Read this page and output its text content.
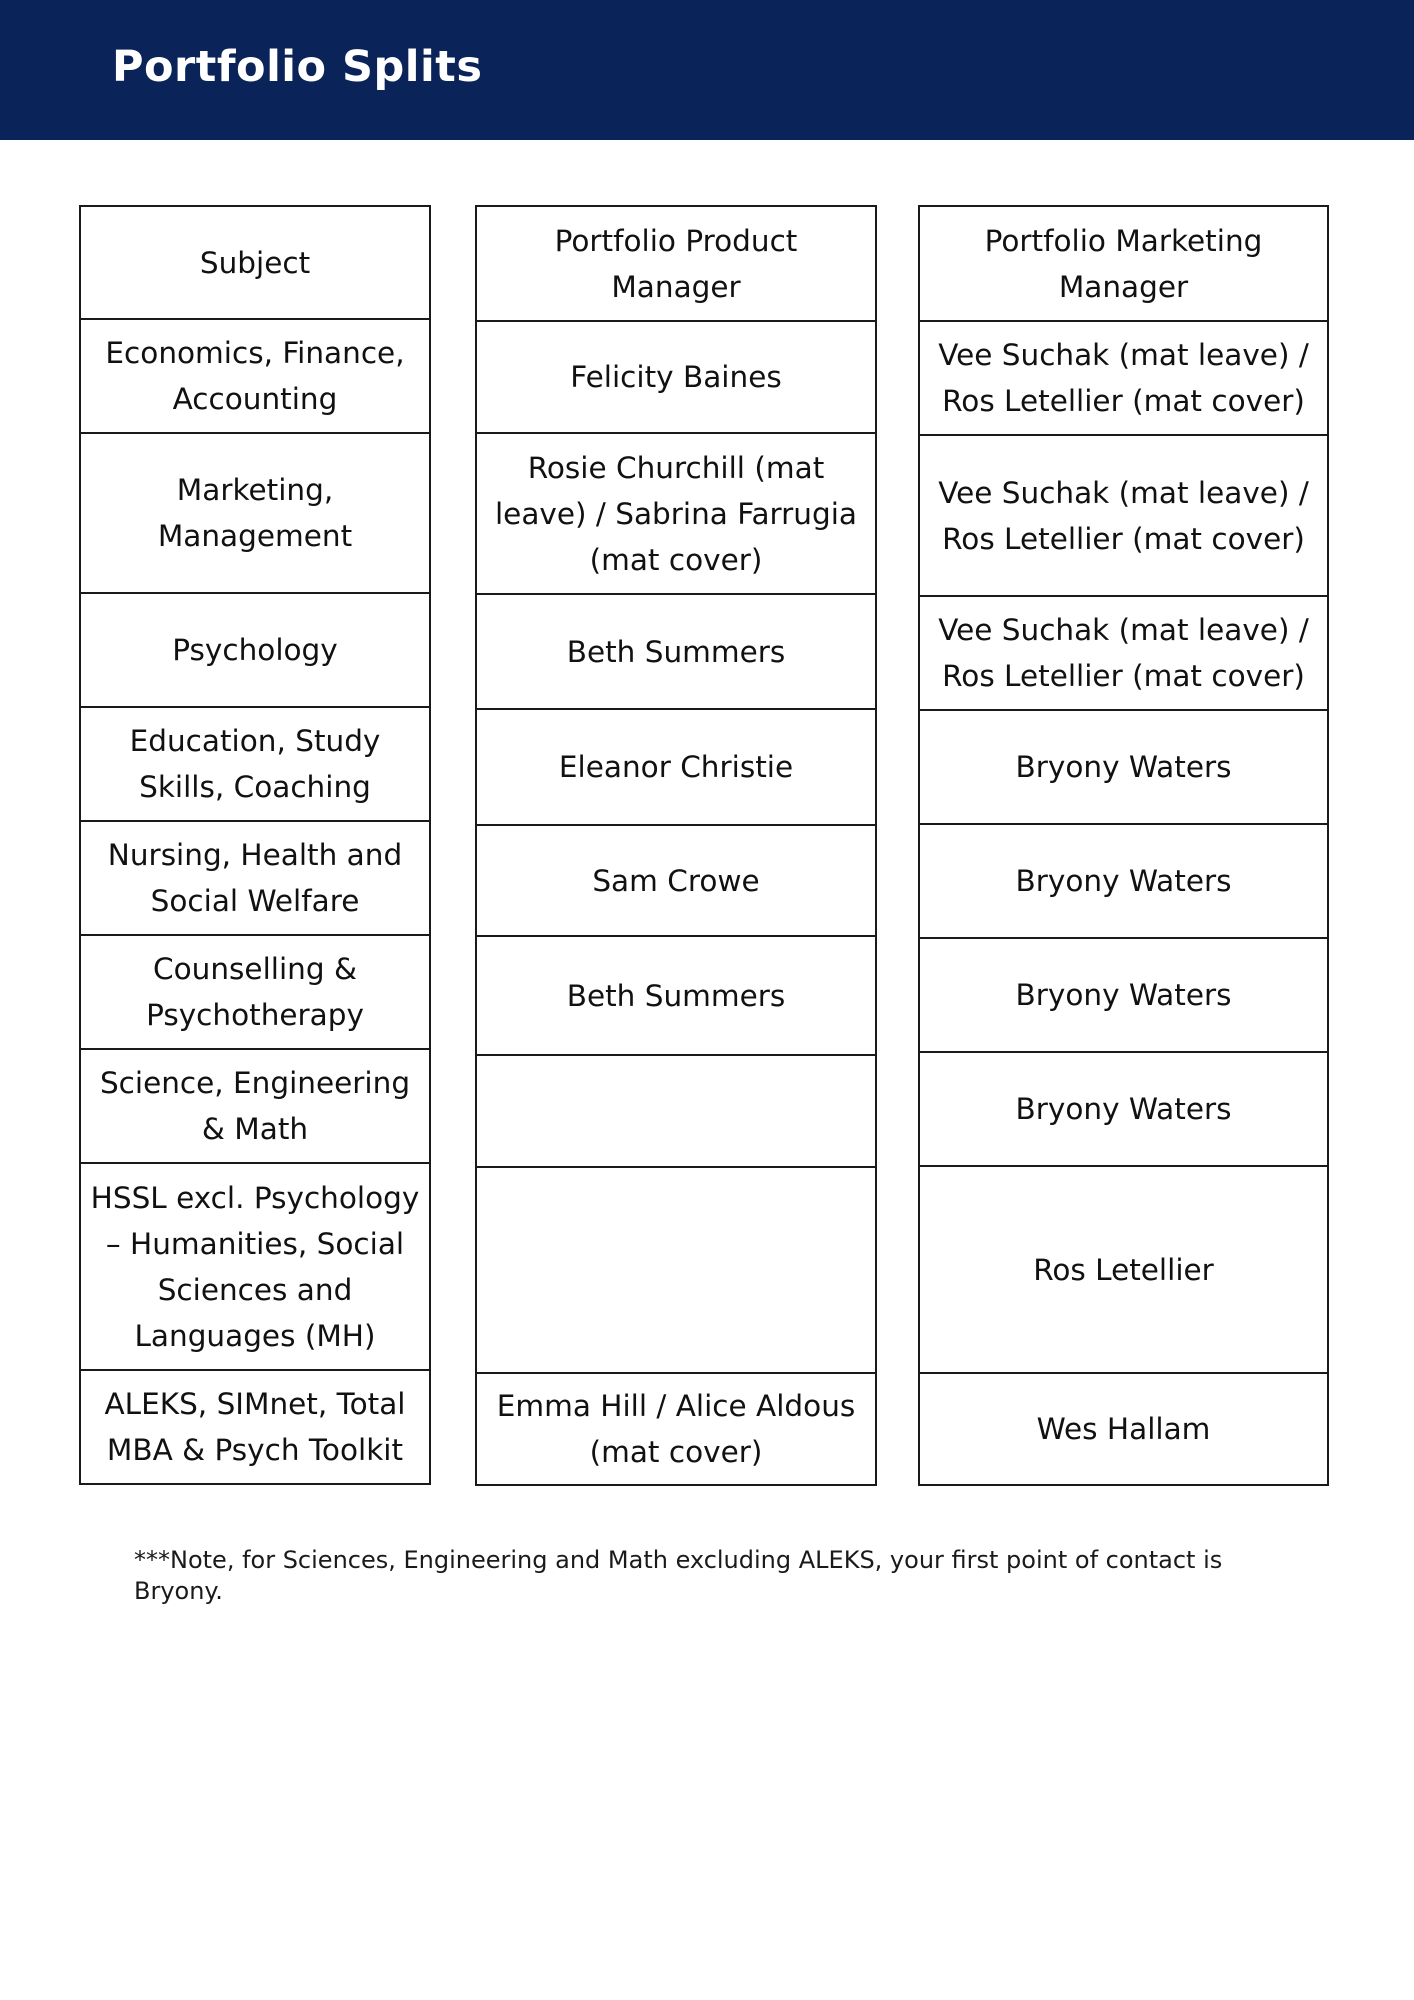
Portfolio Splits
Subject
Economics, Finance,
Accounting
Marketing,
Management
Psychology
Education, Study
Skills, Coaching
Nursing, Health and
Social Welfare
Counselling &
Psychotherapy
Science, Engineering
& Math
HSSL excl. Psychology
– Humanities, Social
Sciences and
Languages (MH)
ALEKS, SIMnet, Total
MBA & Psych Toolkit
Portfolio Product
Manager
Felicity Baines
Rosie Churchill (mat
leave) / Sabrina Farrugia
(mat cover)
Beth Summers
Eleanor Christie
Sam Crowe
Beth Summers
Emma Hill / Alice Aldous
(mat cover)
Portfolio Marketing
Manager
Vee Suchak (mat leave) /
Ros Letellier (mat cover)
Vee Suchak (mat leave) /
Ros Letellier (mat cover)
Vee Suchak (mat leave) /
Ros Letellier (mat cover)
Bryony Waters
Bryony Waters
Bryony Waters
Bryony Waters
Ros Letellier
Wes Hallam
***Note, for Sciences, Engineering and Math excluding ALEKS, your first point of contact is Bryony.
